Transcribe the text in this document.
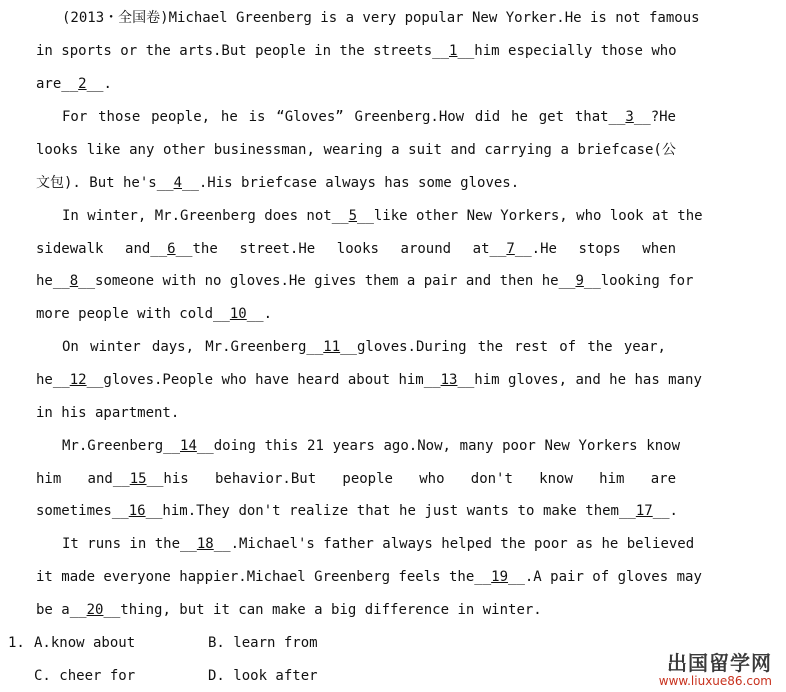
(2013・全国卷)Michael Greenberg is a very popular New Yorker.He is not famous
in sports or the arts.But people in the streets__1__him especially those who
are__2__.
For those people, he is “Gloves” Greenberg.How did he get that__3__?He
looks like any other businessman, wearing a suit and carrying a briefcase(公
文包). But he's__4__.His briefcase always has some gloves.
In winter, Mr.Greenberg does not__5__like other New Yorkers, who look at the
sidewalk and__6__the street.He looks around at__7__.He stops when
he__8__someone with no gloves.He gives them a pair and then he__9__looking for
more people with cold__10__.
On winter days, Mr.Greenberg__11__gloves.During the rest of the year,
he__12__gloves.People who have heard about him__13__him gloves, and he has many
in his apartment.
Mr.Greenberg__14__doing this 21 years ago.Now, many poor New Yorkers know
him and__15__his behavior.But people who don't know him are
sometimes__16__him.They don't realize that he just wants to make them__17__.
It runs in the__18__.Michael's father always helped the poor as he believed
it made everyone happier.Michael Greenberg feels the__19__.A pair of gloves may
be a__20__thing, but it can make a big difference in winter.
1. A.know about	B. learn from
C. cheer for	D. look after
出国留学网
www.liuxue86.com
